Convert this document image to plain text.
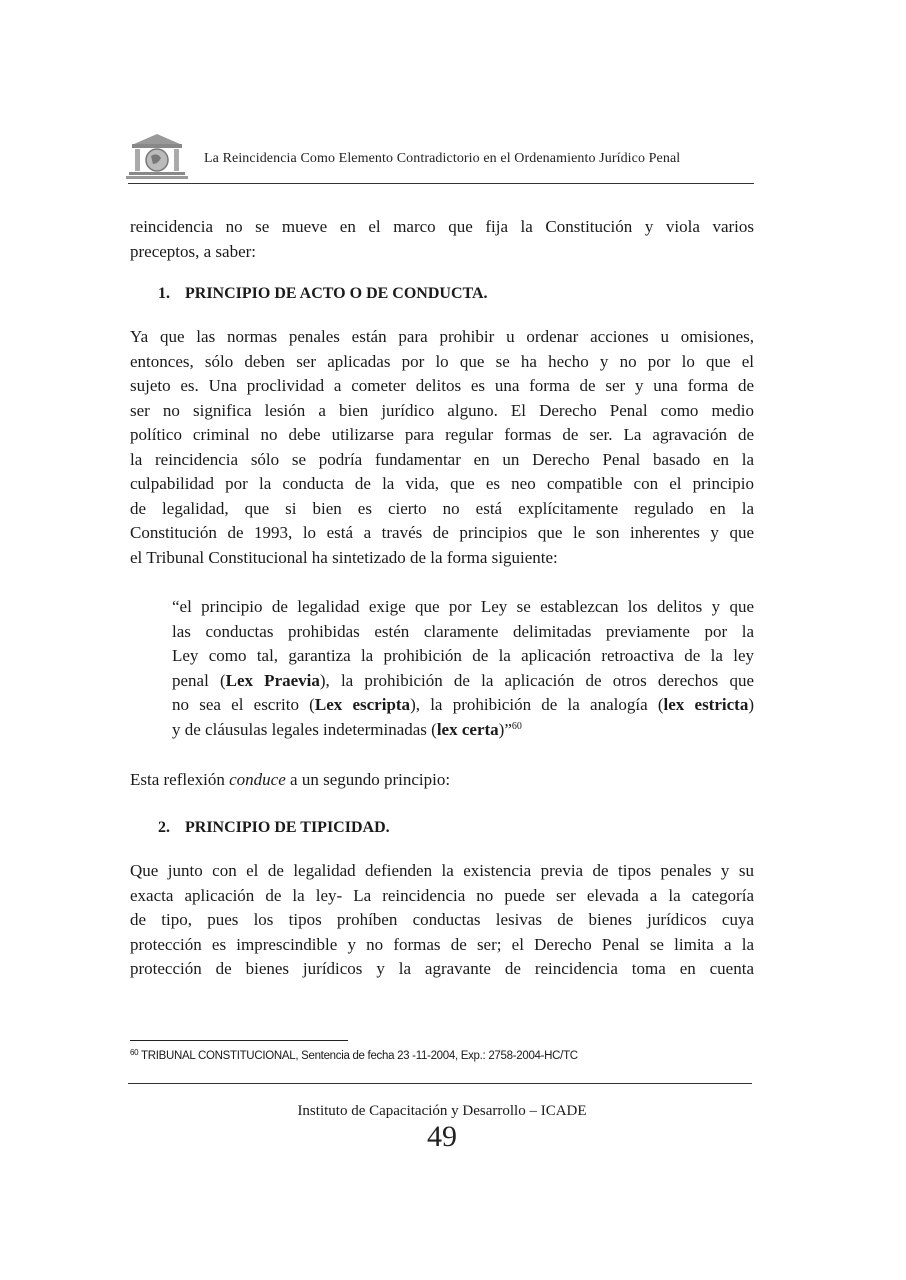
La Reincidencia Como Elemento Contradictorio en el Ordenamiento Jurídico Penal
reincidencia no se mueve en el marco que fija la Constitución y viola varios
preceptos, a saber:
1. PRINCIPIO DE ACTO O DE CONDUCTA.
Ya que las normas penales están para prohibir u ordenar acciones u omisiones,
entonces, sólo deben ser aplicadas por lo que se ha hecho y no por lo que el
sujeto es. Una proclividad a cometer delitos es una forma de ser y una forma de
ser no significa lesión a bien jurídico alguno. El Derecho Penal como medio
político criminal no debe utilizarse para regular formas de ser. La agravación de
la reincidencia sólo se podría fundamentar en un Derecho Penal basado en la
culpabilidad por la conducta de la vida, que es neo compatible con el principio
de legalidad, que si bien es cierto no está explícitamente regulado en la
Constitución de 1993, lo está a través de principios que le son inherentes y que
el Tribunal Constitucional ha sintetizado de la forma siguiente:
“el principio de legalidad exige que por Ley se establezcan los delitos y que
las conductas prohibidas estén claramente delimitadas previamente por la
Ley como tal, garantiza la prohibición de la aplicación retroactiva de la ley
penal (Lex Praevia), la prohibición de la aplicación de otros derechos que
no sea el escrito (Lex escripta), la prohibición de la analogía (lex estricta)
y de cláusulas legales indeterminadas (lex certa)”$^{60}$
Esta reflexión conduce a un segundo principio:
2. PRINCIPIO DE TIPICIDAD.
Que junto con el de legalidad defienden la existencia previa de tipos penales y su
exacta aplicación de la ley- La reincidencia no puede ser elevada a la categoría
de tipo, pues los tipos prohíben conductas lesivas de bienes jurídicos cuya
protección es imprescindible y no formas de ser; el Derecho Penal se limita a la
protección de bienes jurídicos y la agravante de reincidencia toma en cuenta
$^{60}$ TRIBUNAL CONSTITUCIONAL, Sentencia de fecha 23 -11-2004, Exp.: 2758-2004-HC/TC
Instituto de Capacitación y Desarrollo – ICADE
49
